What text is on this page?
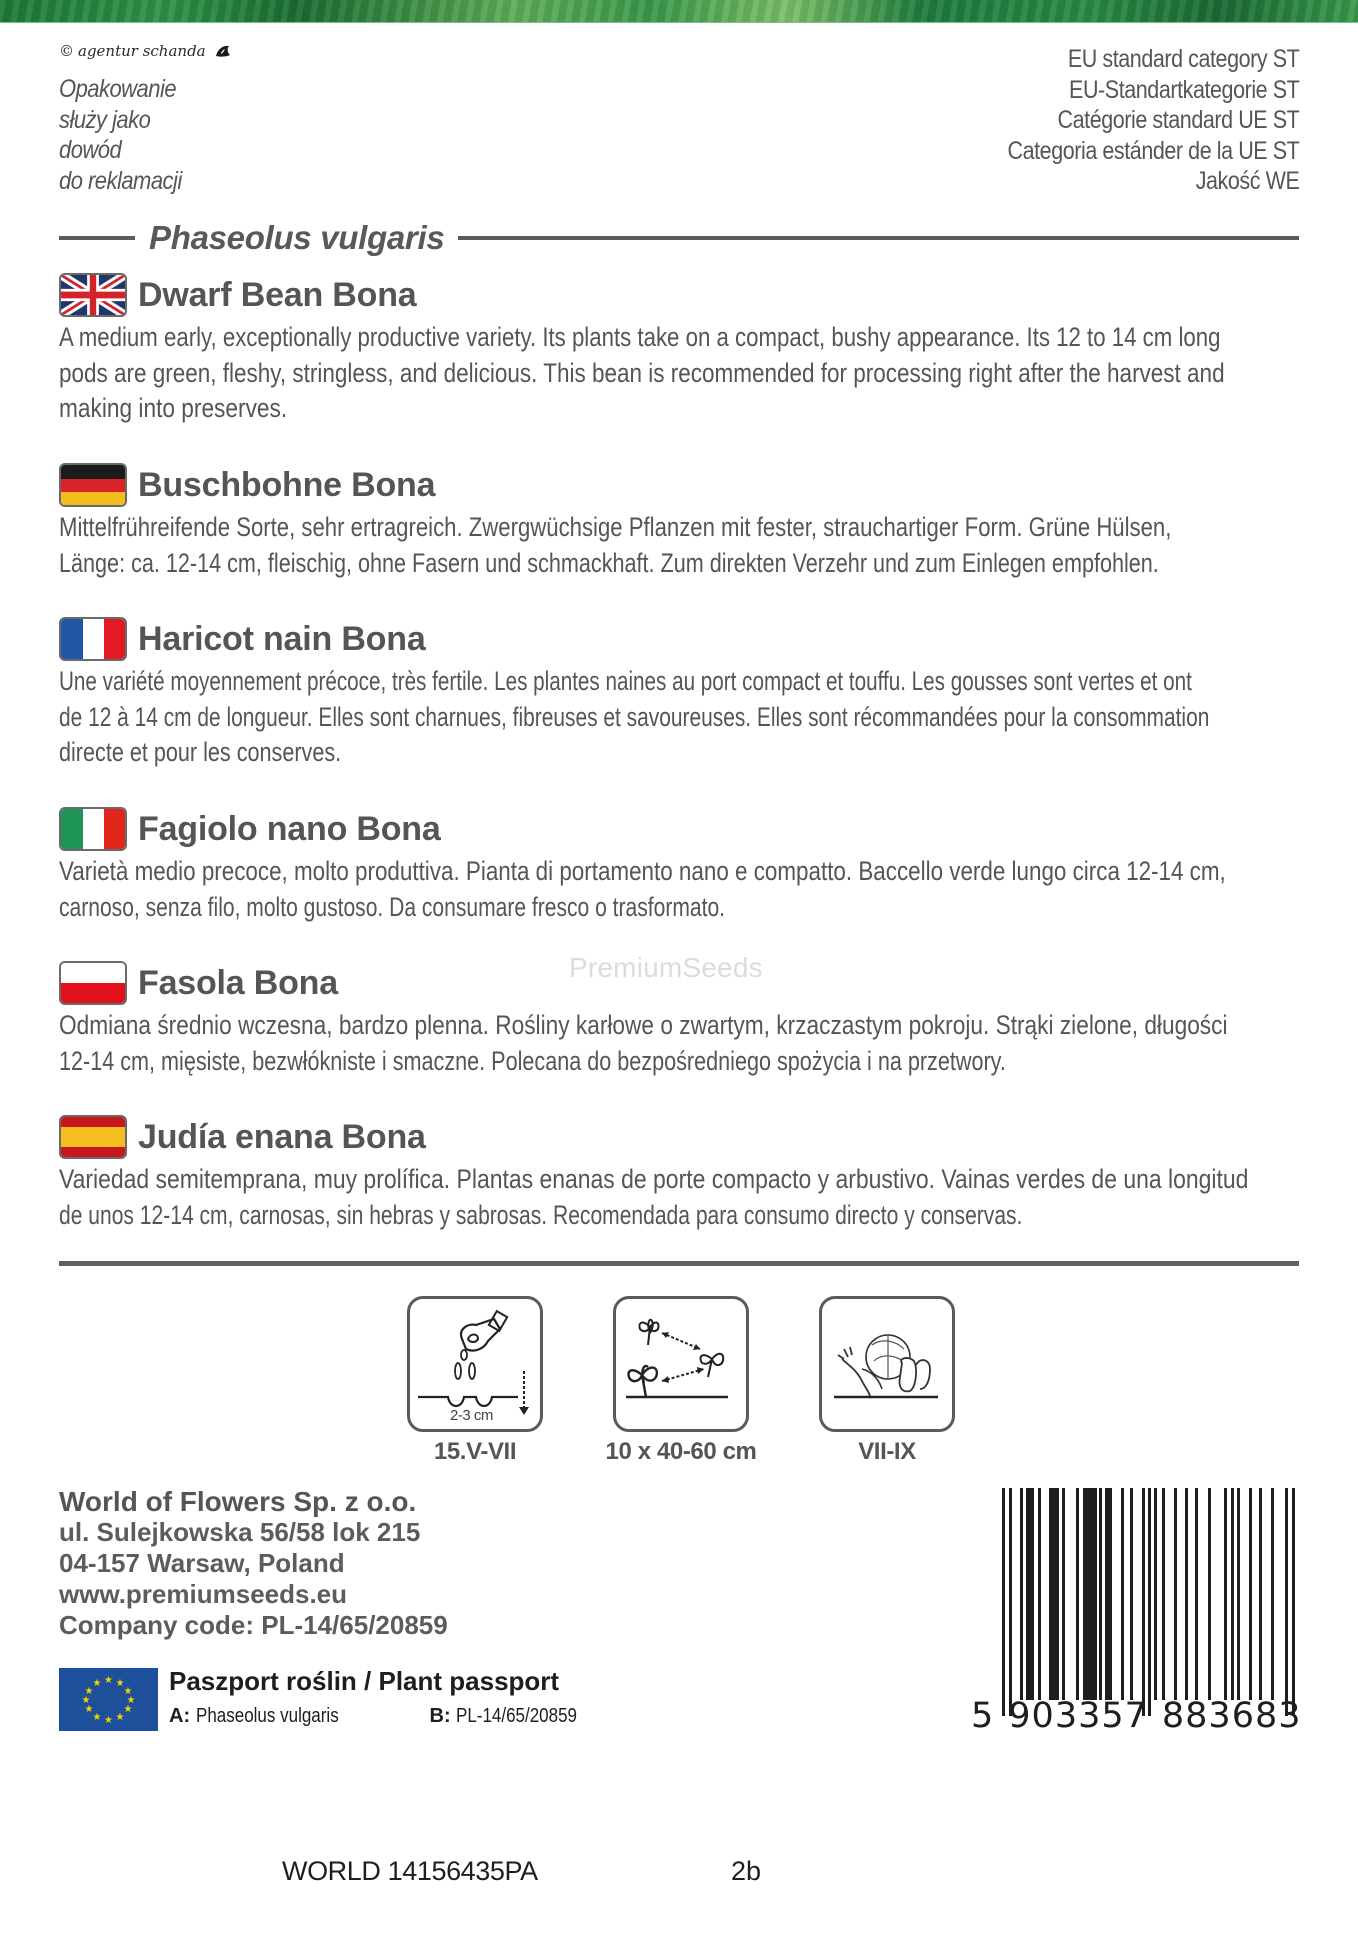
© agentur schanda
Opakowanie
służy jako
dowód
do reklamacji
EU standard category ST
EU-Standartkategorie ST
Catégorie standard UE ST
Categoria estánder de la UE ST
Jakość WE
Phaseolus vulgaris
Dwarf Bean Bona
A medium early, exceptionally productive variety. Its plants take on a compact, bushy appearance. Its 12 to 14 cm long
pods are green, fleshy, stringless, and delicious. This bean is recommended for processing right after the harvest and
making into preserves.
Buschbohne Bona
Mittelfrühreifende Sorte, sehr ertragreich. Zwergwüchsige Pflanzen mit fester, strauchartiger Form. Grüne Hülsen,
Länge: ca. 12-14 cm, fleischig, ohne Fasern und schmackhaft. Zum direkten Verzehr und zum Einlegen empfohlen.
Haricot nain Bona
Une variété moyennement précoce, très fertile. Les plantes naines au port compact et touffu. Les gousses sont vertes et ont
de 12 à 14 cm de longueur. Elles sont charnues, fibreuses et savoureuses. Elles sont récommandées pour la consommation
directe et pour les conserves.
Fagiolo nano Bona
Varietà medio precoce, molto produttiva. Pianta di portamento nano e compatto. Baccello verde lungo circa 12-14 cm,
carnoso, senza filo, molto gustoso. Da consumare fresco o trasformato.
PremiumSeeds
Fasola Bona
Odmiana średnio wczesna, bardzo plenna. Rośliny karłowe o zwartym, krzaczastym pokroju. Strąki zielone, długości
12-14 cm, mięsiste, bezwłókniste i smaczne. Polecana do bezpośredniego spożycia i na przetwory.
Judía enana Bona
Variedad semitemprana, muy prolífica. Plantas enanas de porte compacto y arbustivo. Vainas verdes de una longitud
de unos 12-14 cm, carnosas, sin hebras y sabrosas. Recomendada para consumo directo y conservas.
2-3 cm
15.V-VII	10 x 40-60 cm	VII-IX
World of Flowers Sp. z o.o.
ul. Sulejkowska 56/58 lok 215
04-157 Warsaw, Poland
www.premiumseeds.eu
Company code: PL-14/65/20859
★ ★
★
★
★
★
★
★
★
★
★
★	Paszport roślin / Plant passport
A: Phaseolus vulgaris	B: PL-14/65/20859	5 903357 883683
WORLD 14156435PA	2b
